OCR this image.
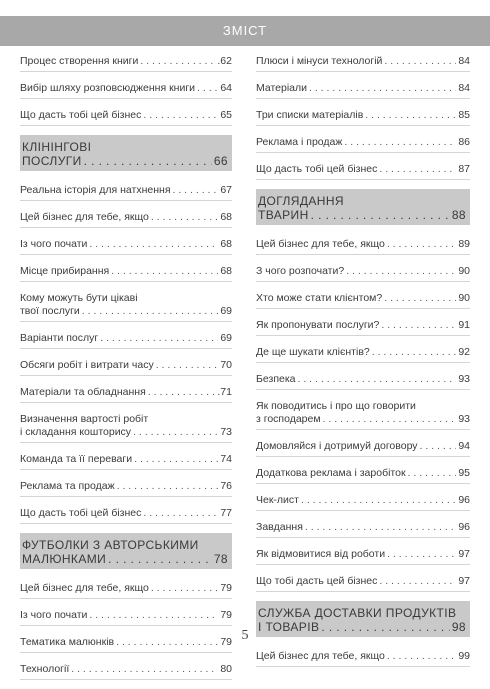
ЗМІСТ
Процес створення книги . . .	.62
Вибір шляху розповсюдження книги . . . 64
Що дасть тобі цей бізнес . . .	65
КЛІНІНГОВІ
ПОСЛУГИ . . .	66
Реальна історія для натхнення . . .	67
Цей бізнес для тебе, якщо . . .	68
Із чого почати . . .	68
Місце прибирання . . .	68
Кому можуть бути цікаві
твої послуги . . .	69
Варіанти послуг . . .	69
Обсяги робіт і витрати часу . . .	70
Матеріали та обладнання . . .	.71
Визначення вартості робіт
і складання кошторису . . .	73
Команда та її переваги . . .	74
Реклама та продаж . . .	76
Що дасть тобі цей бізнес . . .	77
ФУТБОЛКИ З АВТОРСЬКИМИ
МАЛЮНКАМИ . . .	78
Цей бізнес для тебе, якщо . . .	79
Із чого почати . . .	79
Тематика малюнків . . .	79
Технології . . .	80
Плюси і мінуси технологій . . .	84
Матеріали . . .	84
Три списки матеріалів . . .	85
Реклама і продаж . . .	86
Що дасть тобі цей бізнес . . .	87
ДОГЛЯДАННЯ
ТВАРИН . . .	88
Цей бізнес для тебе, якщо . . .	89
З чого розпочати? . . .	90
Хто може стати клієнтом? . . .	90
Як пропонувати послуги? . . .	91
Де ще шукати клієнтів? . . .	92
Безпека . . .	93
Як поводитись і про що говорити
з господарем . . .	93
Домовляйся і дотримуй договору . . .	94
Додаткова реклама і заробіток . . .	95
Чек-лист . . .	96
Завдання . . .	96
Як відмовитися від роботи . . .	97
Що тобі дасть цей бізнес . . .	97
СЛУЖБА ДОСТАВКИ ПРОДУКТІВ
І ТОВАРІВ . . .	98
Цей бізнес для тебе, якщо . . .	99
5
